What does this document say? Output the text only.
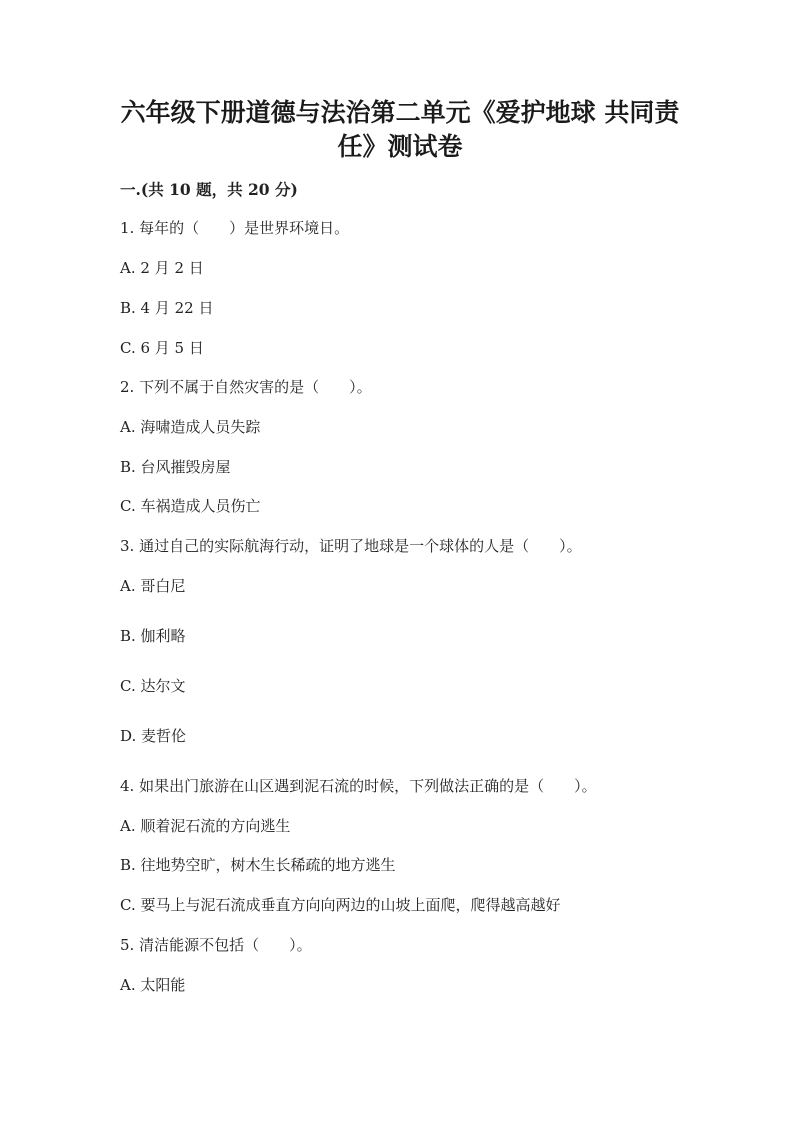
六年级下册道德与法治第二单元《爱护地球 共同责
任》测试卷
一.(共 10 题，共 20 分)
1. 每年的（　　）是世界环境日。
A. 2 月 2 日
B. 4 月 22 日
C. 6 月 5 日
2. 下列不属于自然灾害的是（　　）。
A. 海啸造成人员失踪
B. 台风摧毁房屋
C. 车祸造成人员伤亡
3. 通过自己的实际航海行动，证明了地球是一个球体的人是（　　）。
A. 哥白尼
B. 伽利略
C. 达尔文
D. 麦哲伦
4. 如果出门旅游在山区遇到泥石流的时候，下列做法正确的是（　　）。
A. 顺着泥石流的方向逃生
B. 往地势空旷，树木生长稀疏的地方逃生
C. 要马上与泥石流成垂直方向向两边的山坡上面爬，爬得越高越好
5. 清洁能源不包括（　　）。
A. 太阳能
